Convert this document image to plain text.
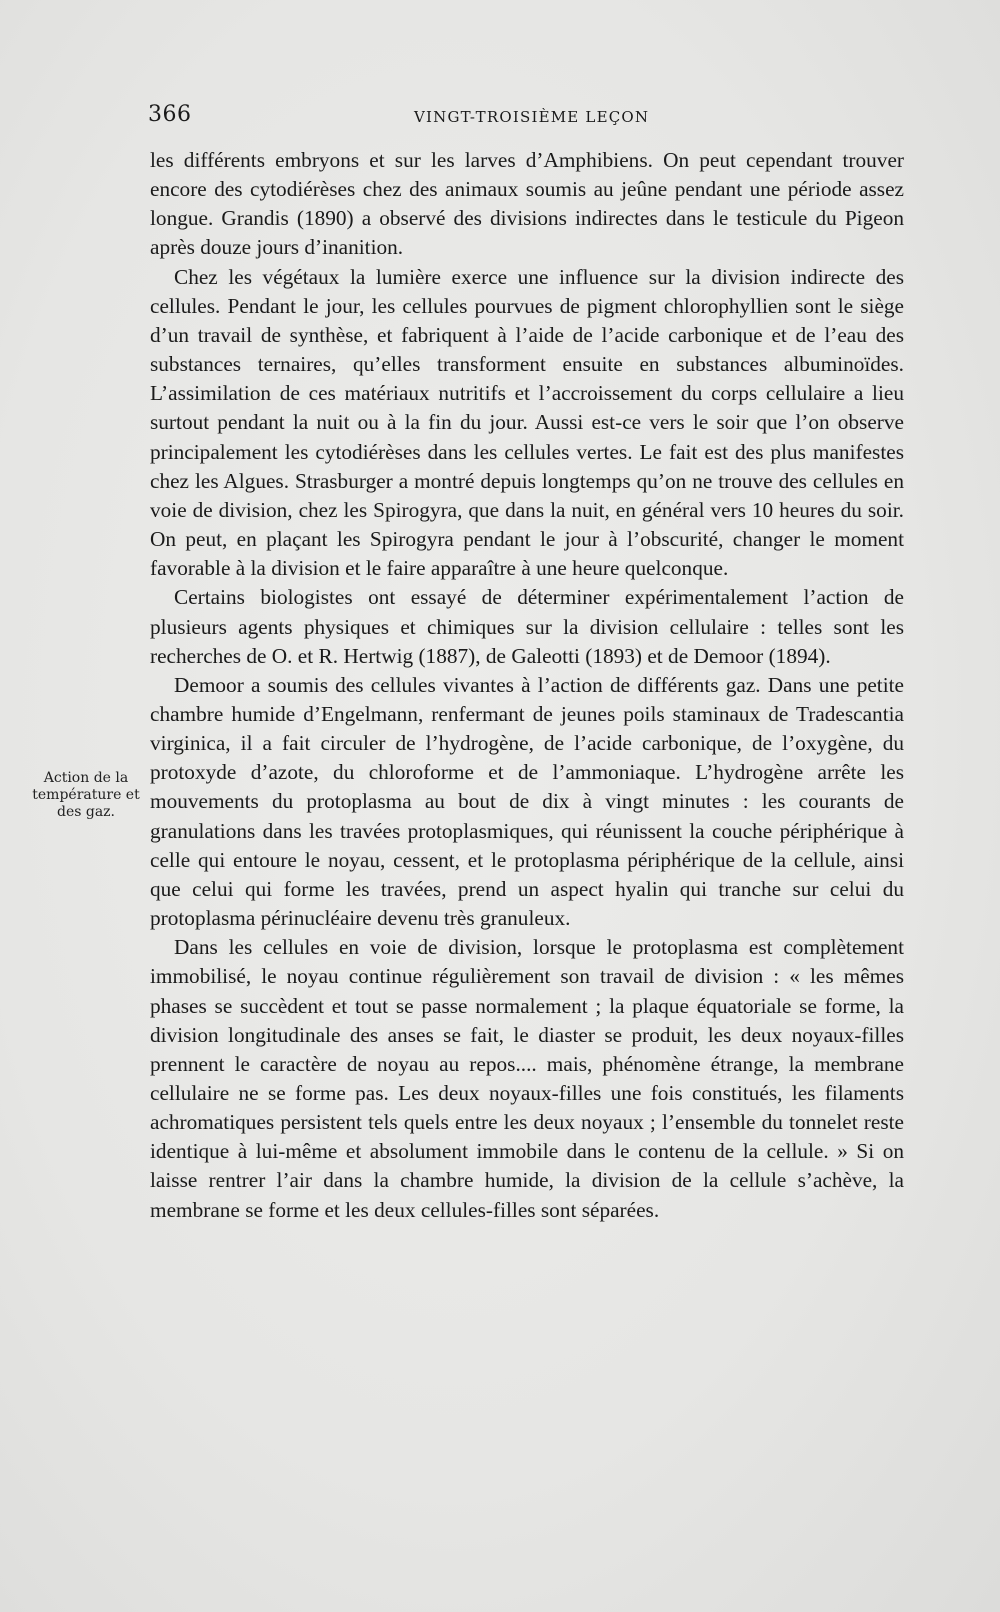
366	VINGT-TROISIÈME LEÇON
Action de la
température et
des gaz.

les différents embryons et sur les larves d’Amphibiens. On peut cependant trouver encore des cytodiérèses chez des animaux soumis au jeûne pendant une période assez longue. Grandis (1890) a observé des divisions indirectes dans le testicule du Pigeon après douze jours d’inanition.

Chez les végétaux la lumière exerce une influence sur la division indirecte des cellules. Pendant le jour, les cellules pourvues de pigment chlorophyllien sont le siège d’un travail de synthèse, et fabriquent à l’aide de l’acide carbonique et de l’eau des substances ternaires, qu’elles transforment ensuite en substances albuminoïdes. L’assimilation de ces matériaux nutritifs et l’accroissement du corps cellulaire a lieu surtout pendant la nuit ou à la fin du jour. Aussi est-ce vers le soir que l’on observe principalement les cytodiérèses dans les cellules vertes. Le fait est des plus manifestes chez les Algues. Strasburger a montré depuis longtemps qu’on ne trouve des cellules en voie de division, chez les Spirogyra, que dans la nuit, en général vers 10 heures du soir. On peut, en plaçant les Spirogyra pendant le jour à l’obscurité, changer le moment favorable à la division et le faire apparaître à une heure quelconque.

Certains biologistes ont essayé de déterminer expérimentalement l’action de plusieurs agents physiques et chimiques sur la division cellulaire : telles sont les recherches de O. et R. Hertwig (1887), de Galeotti (1893) et de Demoor (1894).

Demoor a soumis des cellules vivantes à l’action de différents gaz. Dans une petite chambre humide d’Engelmann, renfermant de jeunes poils staminaux de Tradescantia virginica, il a fait circuler de l’hydrogène, de l’acide carbonique, de l’oxygène, du protoxyde d’azote, du chloroforme et de l’ammoniaque. L’hydrogène arrête les mouvements du protoplasma au bout de dix à vingt minutes : les courants de granulations dans les travées protoplasmiques, qui réunissent la couche périphérique à celle qui entoure le noyau, cessent, et le protoplasma périphérique de la cellule, ainsi que celui qui forme les travées, prend un aspect hyalin qui tranche sur celui du protoplasma périnucléaire devenu très granuleux.

Dans les cellules en voie de division, lorsque le protoplasma est complètement immobilisé, le noyau continue régulièrement son travail de division : « les mêmes phases se succèdent et tout se passe normalement ; la plaque équatoriale se forme, la division longitudinale des anses se fait, le diaster se produit, les deux noyaux-filles prennent le caractère de noyau au repos.... mais, phénomène étrange, la membrane cellulaire ne se forme pas. Les deux noyaux-filles une fois constitués, les filaments achromatiques persistent tels quels entre les deux noyaux ; l’ensemble du tonnelet reste identique à lui-même et absolument immobile dans le contenu de la cellule. » Si on laisse rentrer l’air dans la chambre humide, la division de la cellule s’achève, la membrane se forme et les deux cellules-filles sont séparées.
